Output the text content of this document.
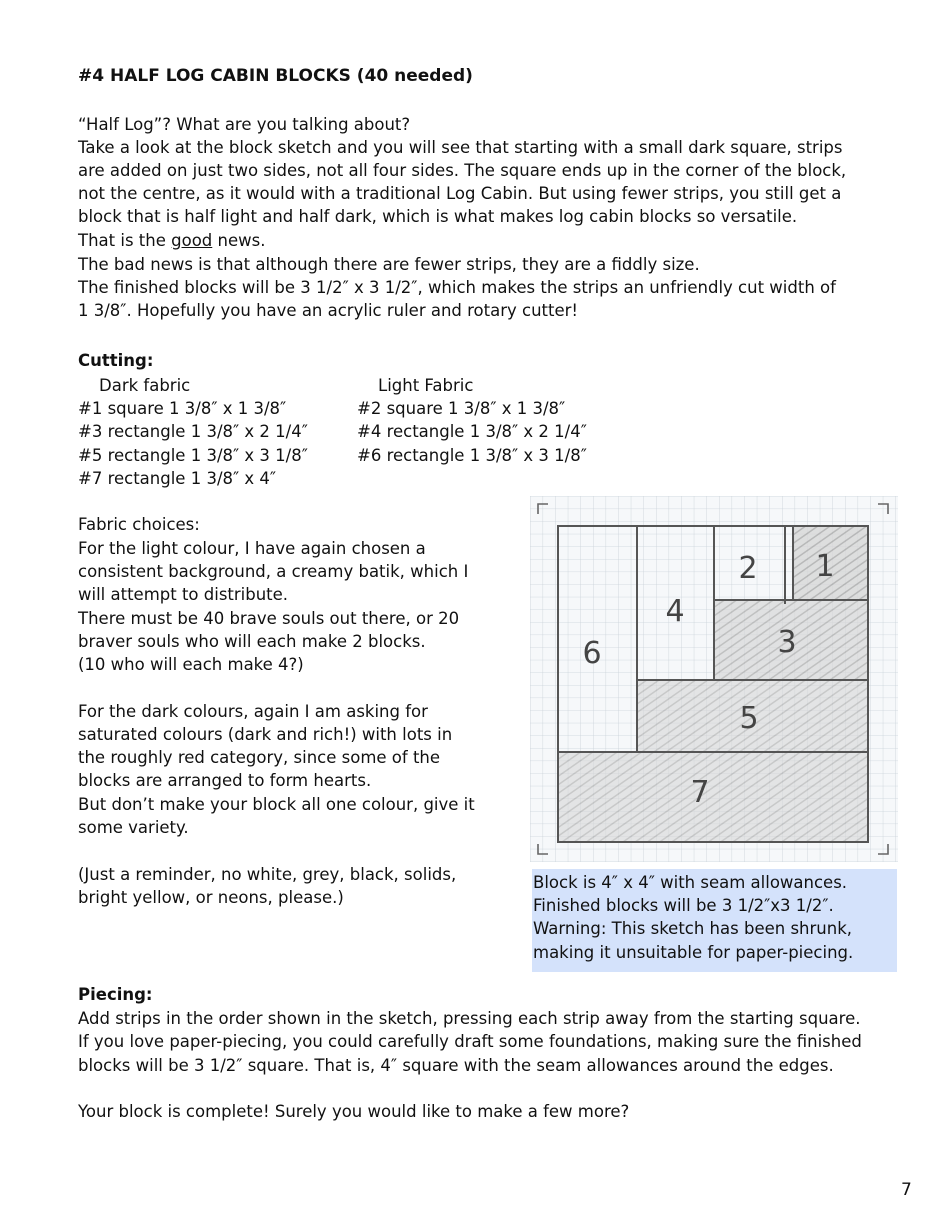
#4 HALF LOG CABIN BLOCKS (40 needed)
“Half Log”? What are you talking about?
Take a look at the block sketch and you will see that starting with a small dark square, strips
are added on just two sides, not all four sides. The square ends up in the corner of the block,
not the centre, as it would with a traditional Log Cabin. But using fewer strips, you still get a
block that is half light and half dark, which is what makes log cabin blocks so versatile.
That is the good news.
The bad news is that although there are fewer strips, they are a fiddly size.
The finished blocks will be 3 1/2″ x 3 1/2″, which makes the strips an unfriendly cut width of
1 3/8″. Hopefully you have an acrylic ruler and rotary cutter!
Cutting:
Dark fabric	Light Fabric
#1 square 1 3/8″ x 1 3/8″
#3 rectangle 1 3/8″ x 2 1/4″
#5 rectangle 1 3/8″ x 3 1/8″
#7 rectangle 1 3/8″ x 4″
#2 square 1 3/8″ x 1 3/8″
#4 rectangle 1 3/8″ x 2 1/4″
#6 rectangle 1 3/8″ x 3 1/8″
Fabric choices:
For the light colour, I have again chosen a
consistent background, a creamy batik, which I
will attempt to distribute.
There must be 40 brave souls out there, or 20
braver souls who will each make 2 blocks.
(10 who will each make 4?)
For the dark colours, again I am asking for
saturated colours (dark and rich!) with lots in
the roughly red category, since some of the
blocks are arranged to form hearts.
But don’t make your block all one colour, give it
some variety.
(Just a reminder, no white, grey, black, solids,
bright yellow, or neons, please.)
1
2
3
4
5
6
7
Block is 4″ x 4″ with seam allowances.
Finished blocks will be 3 1/2″x3 1/2″.
Warning: This sketch has been shrunk,
making it unsuitable for paper-piecing.
Piecing:
Add strips in the order shown in the sketch, pressing each strip away from the starting square.
If you love paper-piecing, you could carefully draft some foundations, making sure the finished
blocks will be 3 1/2″ square. That is, 4″ square with the seam allowances around the edges.
Your block is complete! Surely you would like to make a few more?
7
